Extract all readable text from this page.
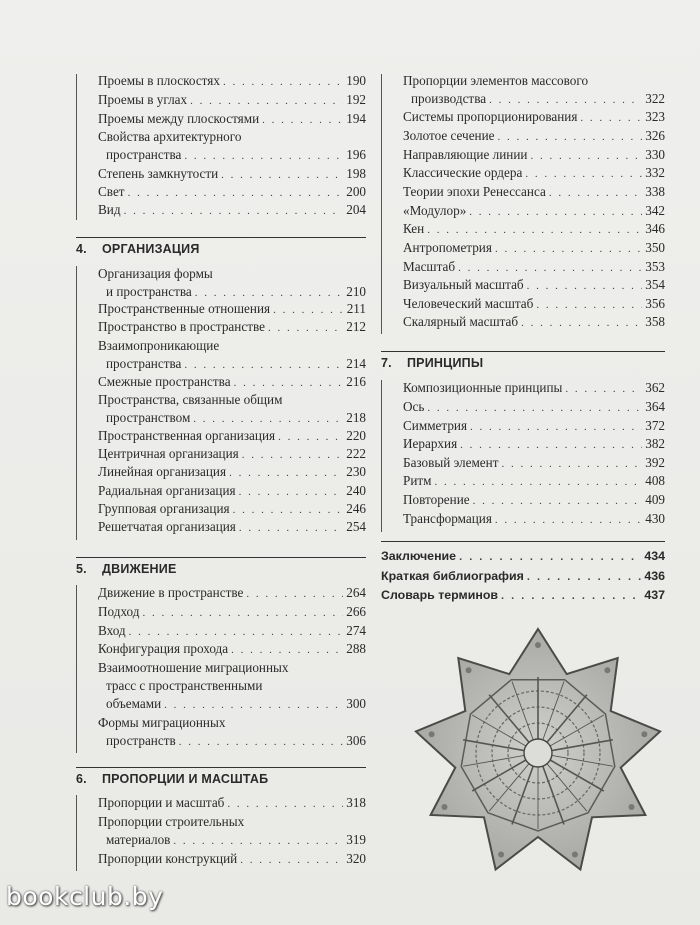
Проемы в плоскостях . . .	190
Проемы в углах . . .	192
Проемы между плоскостями . . .	194
Свойства архитектурного
пространства . . .	196
Степень замкнутости . . .	198
Свет . . .	200
Вид . . .	204
4. ОРГАНИЗАЦИЯ
Организация формы
и пространства . . .	210
Пространственные отношения . . .	211
Пространство в пространстве . . .	212
Взаимопроникающие
пространства . . .	214
Смежные пространства . . .	216
Пространства, связанные общим
пространством . . .	218
Пространственная организация . . .	220
Центричная организация . . .	222
Линейная организация . . .	230
Радиальная организация . . .	240
Групповая организация . . .	246
Решетчатая организация . . .	254
5. ДВИЖЕНИЕ
Движение в пространстве . . .	264
Подход . . .	266
Вход . . .	274
Конфигурация прохода . . .	288
Взаимоотношение миграционных
трасс с пространственными
объемами . . .	300
Формы миграционных
пространств . . .	306
6. ПРОПОРЦИИ И МАСШТАБ
Пропорции и масштаб . . .	318
Пропорции строительных
материалов . . .	319
Пропорции конструкций . . .	320
Пропорции элементов массового
производства . . .	322
Системы пропорционирования . . .	323
Золотое сечение . . .	326
Направляющие линии . . .	330
Классические ордера . . .	332
Теории эпохи Ренессанса . . .	338
«Модулор» . . .	342
Кен . . .	346
Антропометрия . . .	350
Масштаб . . .	353
Визуальный масштаб . . .	354
Человеческий масштаб . . .	356
Скалярный масштаб . . .	358
7. ПРИНЦИПЫ
Композиционные принципы . . .	362
Ось . . .	364
Симметрия . . .	372
Иерархия . . .	382
Базовый элемент . . .	392
Ритм . . .	408
Повторение . . .	409
Трансформация . . .	430
Заключение . . .	434
Краткая библиография . . .	436
Словарь терминов . . .	437
bookclub.by
